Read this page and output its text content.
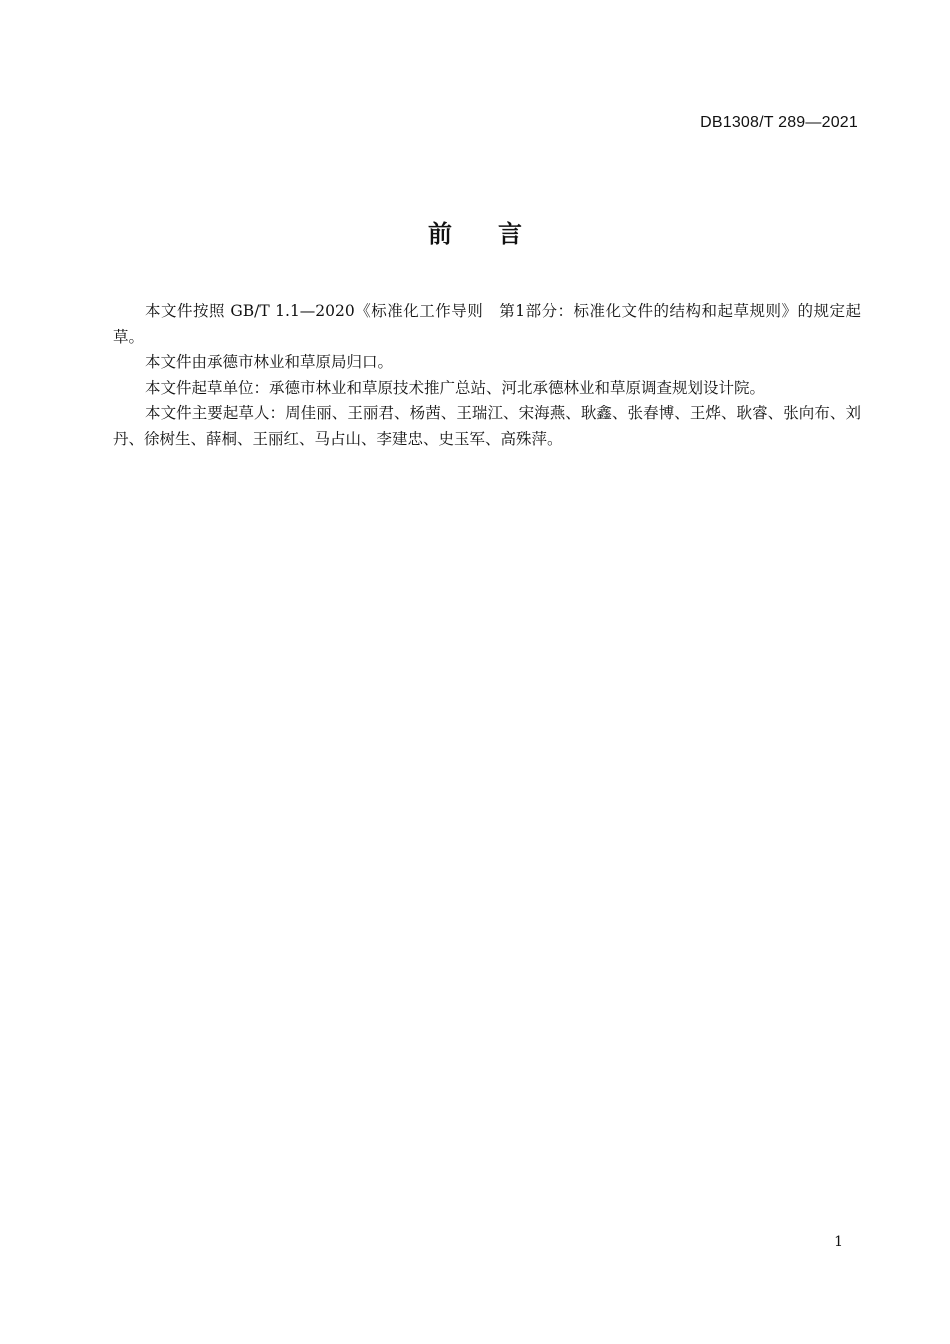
DB1308/T 289—2021
前言

本文件按照 GB/T 1.1—2020《标准化工作导则　第1部分：标准化文件的结构和起草规则》的规定起草。

本文件由承德市林业和草原局归口。

本文件起草单位：承德市林业和草原技术推广总站、河北承德林业和草原调查规划设计院。

本文件主要起草人：周佳丽、王丽君、杨茜、王瑞江、宋海燕、耿鑫、张春博、王烨、耿睿、张向布、刘丹、徐树生、薛桐、王丽红、马占山、李建忠、史玉军、高殊萍。

1
